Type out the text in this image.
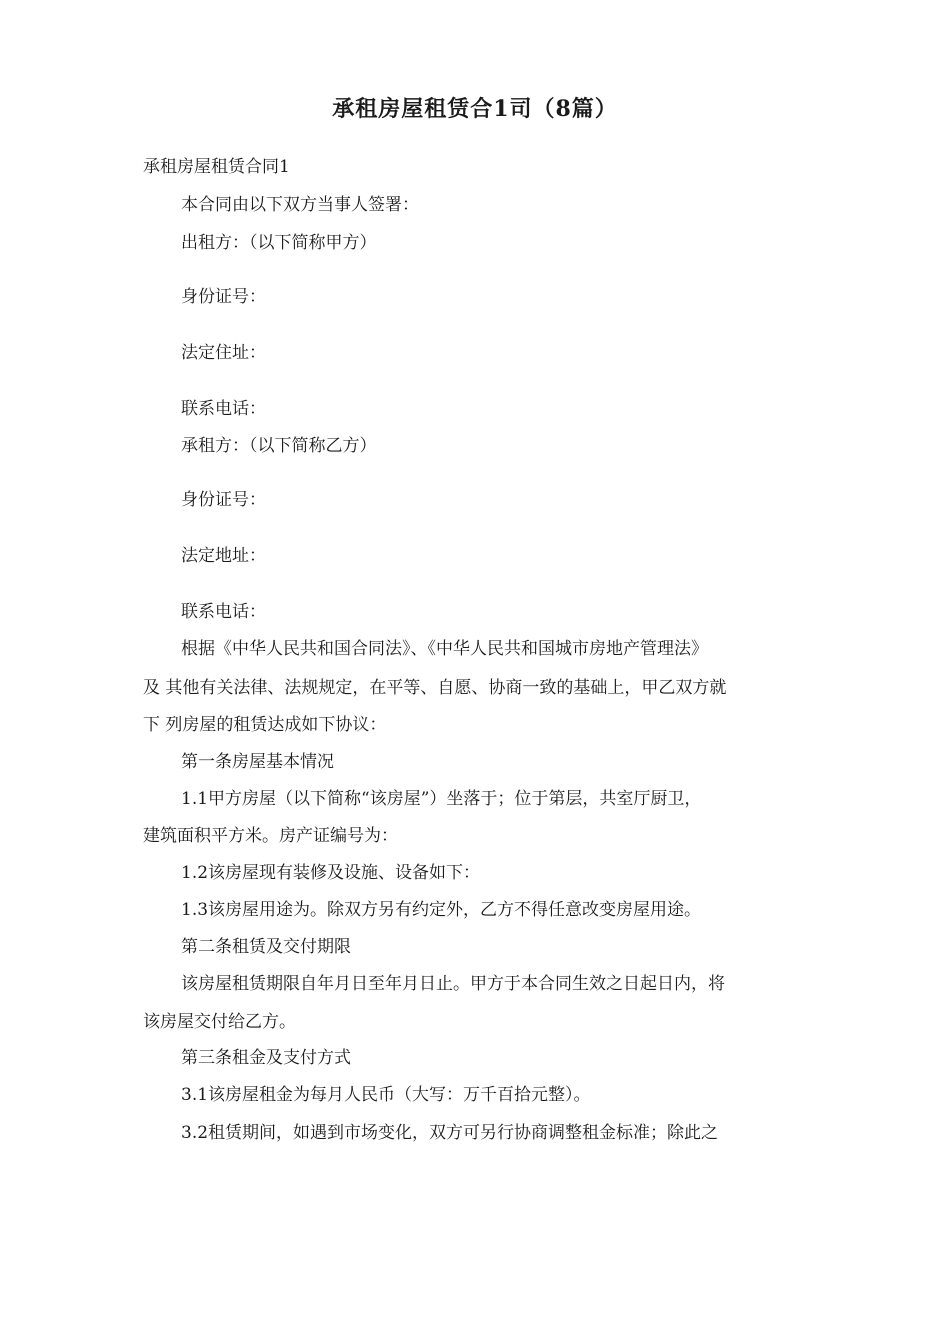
承租房屋租赁合1司（8篇）
承租房屋租赁合同1
本合同由以下双方当事人签署：
出租方：（以下简称甲方）
身份证号：
法定住址：
联系电话：
承租方：（以下简称乙方）
身份证号：
法定地址：
联系电话：
根据《中华人民共和国合同法》、《中华人民共和国城市房地产管理法》
及 其他有关法律、法规规定，在平等、自愿、协商一致的基础上，甲乙双方就
下 列房屋的租赁达成如下协议：
第一条房屋基本情况
1.1甲方房屋（以下简称“该房屋”）坐落于；位于第层，共室厅厨卫，
建筑面积平方米。房产证编号为：
1.2该房屋现有装修及设施、设备如下：
1.3该房屋用途为。除双方另有约定外，乙方不得任意改变房屋用途。
第二条租赁及交付期限
该房屋租赁期限自年月日至年月日止。甲方于本合同生效之日起日内，将
该房屋交付给乙方。
第三条租金及支付方式
3.1该房屋租金为每月人民币（大写：万千百拾元整）。
3.2租赁期间，如遇到市场变化，双方可另行协商调整租金标准；除此之
